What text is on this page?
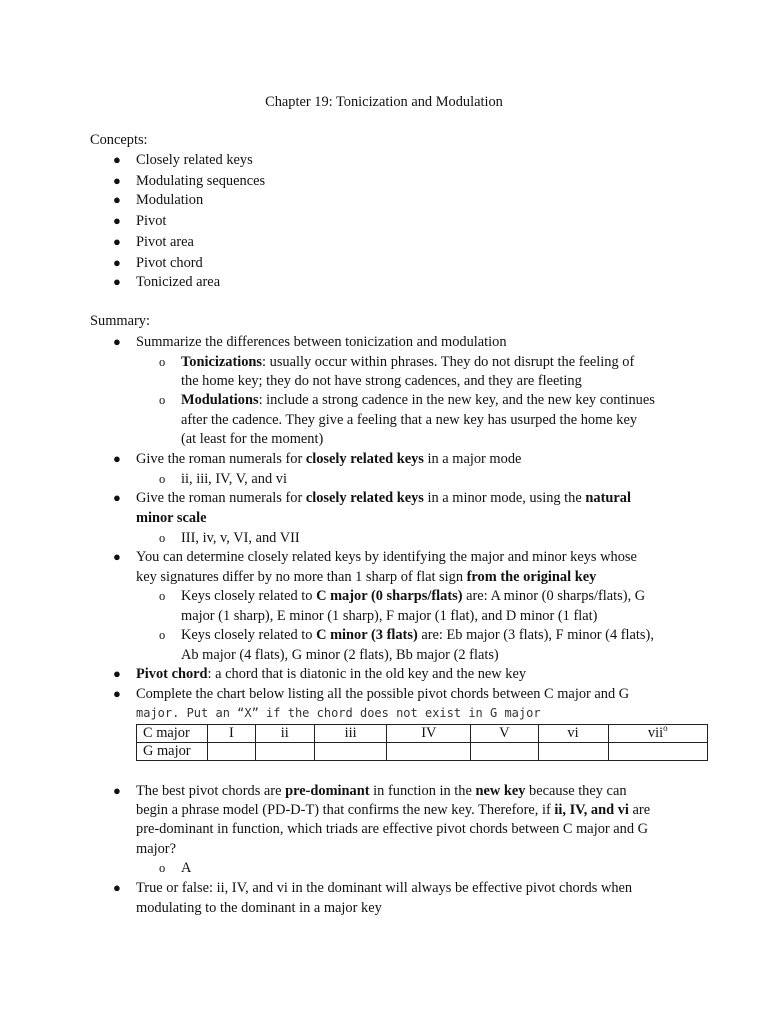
Chapter 19: Tonicization and Modulation
Concepts:
● Closely related keys
● Modulating sequences
● Modulation
● Pivot
● Pivot area
● Pivot chord
● Tonicized area
Summary:
● Summarize the differences between tonicization and modulation
o Tonicizations: usually occur within phrases. They do not disrupt the feeling of
the home key; they do not have strong cadences, and they are fleeting
o Modulations: include a strong cadence in the new key, and the new key continues
after the cadence. They give a feeling that a new key has usurped the home key
(at least for the moment)
● Give the roman numerals for closely related keys in a major mode
o ii, iii, IV, V, and vi
● Give the roman numerals for closely related keys in a minor mode, using the natural
minor scale
o III, iv, v, VI, and VII
● You can determine closely related keys by identifying the major and minor keys whose
key signatures differ by no more than 1 sharp of flat sign from the original key
o Keys closely related to C major (0 sharps/flats) are: A minor (0 sharps/flats), G
major (1 sharp), E minor (1 sharp), F major (1 flat), and D minor (1 flat)
o Keys closely related to C minor (3 flats) are: Eb major (3 flats), F minor (4 flats),
Ab major (4 flats), G minor (2 flats), Bb major (2 flats)
● Pivot chord: a chord that is diatonic in the old key and the new key
● Complete the chart below listing all the possible pivot chords between C major and G
major. Put an “X” if the chord does not exist in G major
C major	I	ii	iii	IV	V	vi	vii$^o$
G major							
● The best pivot chords are pre-dominant in function in the new key because they can
begin a phrase model (PD-D-T) that confirms the new key. Therefore, if ii, IV, and vi are
pre-dominant in function, which triads are effective pivot chords between C major and G
major?
o A
● True or false: ii, IV, and vi in the dominant will always be effective pivot chords when
modulating to the dominant in a major key
